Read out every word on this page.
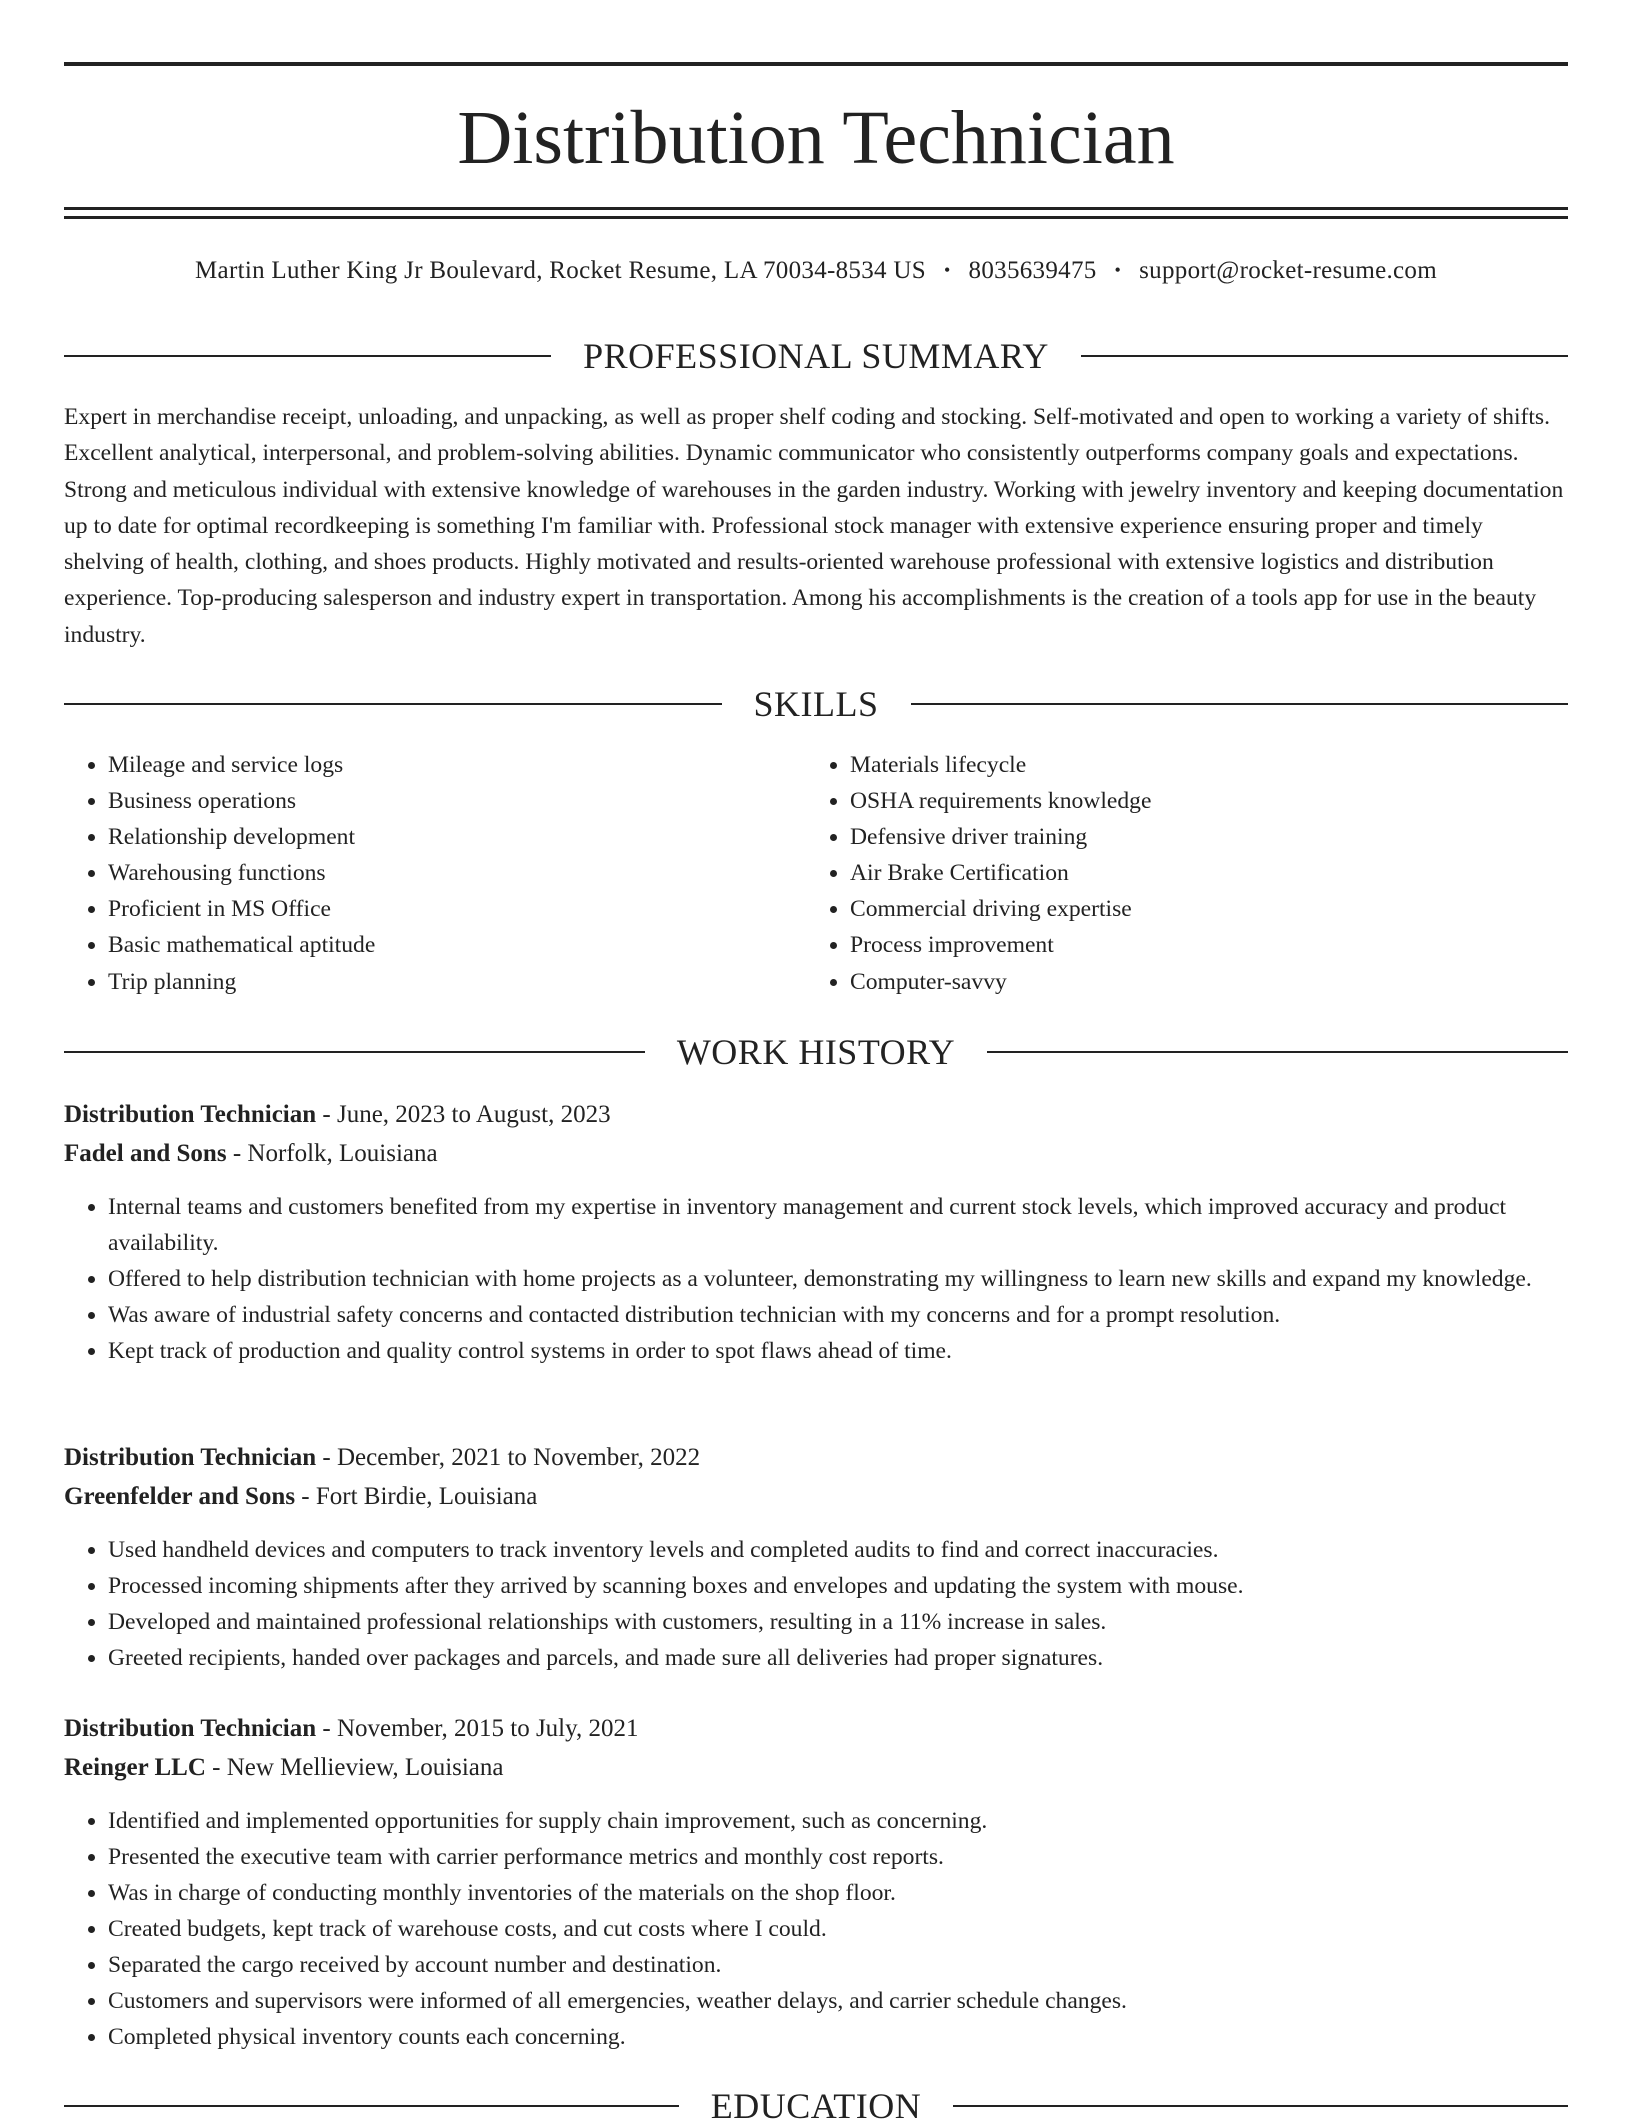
Distribution Technician
Martin Luther King Jr Boulevard, Rocket Resume, LA 70034-8534 US • 8035639475 • support@rocket-resume.com
PROFESSIONAL SUMMARY

Expert in merchandise receipt, unloading, and unpacking, as well as proper shelf coding and stocking. Self-motivated and open to working a variety of shifts. Excellent analytical, interpersonal, and problem-solving abilities. Dynamic communicator who consistently outperforms company goals and expectations. Strong and meticulous individual with extensive knowledge of warehouses in the garden industry. Working with jewelry inventory and keeping documentation up to date for optimal recordkeeping is something I'm familiar with. Professional stock manager with extensive experience ensuring proper and timely shelving of health, clothing, and shoes products. Highly motivated and results-oriented warehouse professional with extensive logistics and distribution experience. Top-producing salesperson and industry expert in transportation. Among his accomplishments is the creation of a tools app for use in the beauty industry.

SKILLS
• Mileage and service logs
• Business operations
• Relationship development
• Warehousing functions
• Proficient in MS Office
• Basic mathematical aptitude
• Trip planning
• Materials lifecycle
• OSHA requirements knowledge
• Defensive driver training
• Air Brake Certification
• Commercial driving expertise
• Process improvement
• Computer-savvy
WORK HISTORY
Distribution Technician - June, 2023 to August, 2023
Fadel and Sons - Norfolk, Louisiana
• Internal teams and customers benefited from my expertise in inventory management and current stock levels, which improved accuracy and product availability.
• Offered to help distribution technician with home projects as a volunteer, demonstrating my willingness to learn new skills and expand my knowledge.
• Was aware of industrial safety concerns and contacted distribution technician with my concerns and for a prompt resolution.
• Kept track of production and quality control systems in order to spot flaws ahead of time.
Distribution Technician - December, 2021 to November, 2022
Greenfelder and Sons - Fort Birdie, Louisiana
• Used handheld devices and computers to track inventory levels and completed audits to find and correct inaccuracies.
• Processed incoming shipments after they arrived by scanning boxes and envelopes and updating the system with mouse.
• Developed and maintained professional relationships with customers, resulting in a 11% increase in sales.
• Greeted recipients, handed over packages and parcels, and made sure all deliveries had proper signatures.
Distribution Technician - November, 2015 to July, 2021
Reinger LLC - New Mellieview, Louisiana
• Identified and implemented opportunities for supply chain improvement, such as concerning.
• Presented the executive team with carrier performance metrics and monthly cost reports.
• Was in charge of conducting monthly inventories of the materials on the shop floor.
• Created budgets, kept track of warehouse costs, and cut costs where I could.
• Separated the cargo received by account number and destination.
• Customers and supervisors were informed of all emergencies, weather delays, and carrier schedule changes.
• Completed physical inventory counts each concerning.
EDUCATION
